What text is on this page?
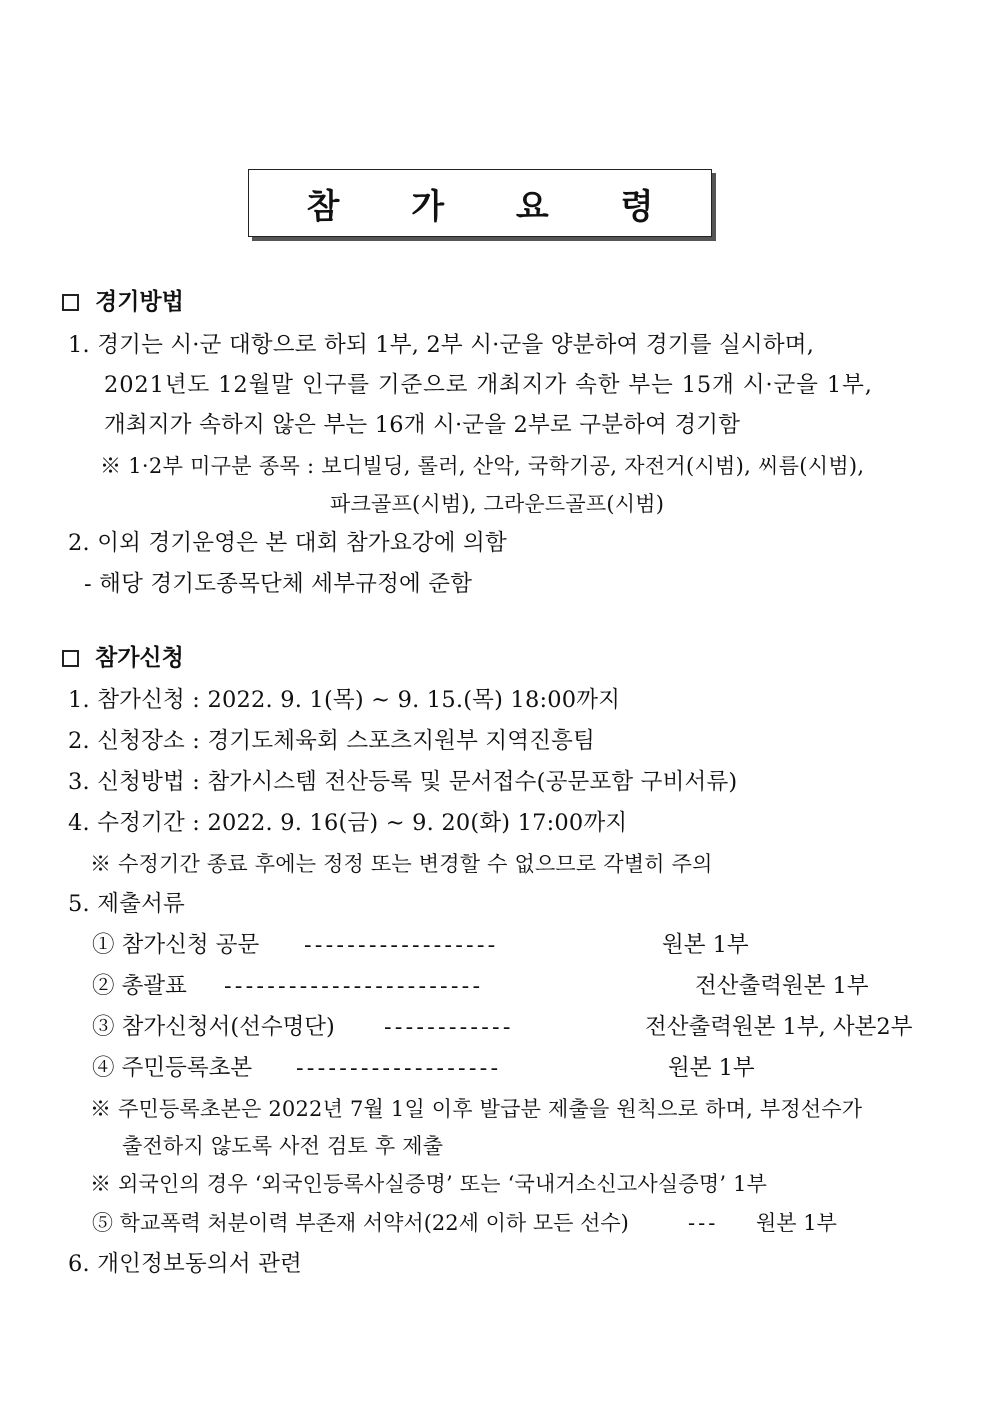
참 가 요 령
경기방법
1. 경기는 시·군 대항으로 하되 1부, 2부 시·군을 양분하여 경기를 실시하며,
2021년도 12월말 인구를 기준으로 개최지가 속한 부는 15개 시·군을 1부,
개최지가 속하지 않은 부는 16개 시·군을 2부로 구분하여 경기함
※ 1·2부 미구분 종목 : 보디빌딩, 롤러, 산악, 국학기공, 자전거(시범), 씨름(시범),
파크골프(시범), 그라운드골프(시범)
2. 이외 경기운영은 본 대회 참가요강에 의함
- 해당 경기도종목단체 세부규정에 준함
참가신청
1. 참가신청 : 2022. 9. 1(목) ~ 9. 15.(목) 18:00까지
2. 신청장소 : 경기도체육회 스포츠지원부 지역진흥팀
3. 신청방법 : 참가시스템 전산등록 및 문서접수(공문포함 구비서류)
4. 수정기간 : 2022. 9. 16(금) ~ 9. 20(화) 17:00까지
※ 수정기간 종료 후에는 정정 또는 변경할 수 없으므로 각별히 주의
5. 제출서류
① 참가신청 공문 ------------------	원본 1부
② 총괄표 ------------------------	전산출력원본 1부
③ 참가신청서(선수명단) ------------	전산출력원본 1부, 사본2부
④ 주민등록초본 -------------------	원본 1부
※ 주민등록초본은 2022년 7월 1일 이후 발급분 제출을 원칙으로 하며, 부정선수가
출전하지 않도록 사전 검토 후 제출
※ 외국인의 경우 ‘외국인등록사실증명’ 또는 ‘국내거소신고사실증명’ 1부
⑤ 학교폭력 처분이력 부존재 서약서(22세 이하 모든 선수)	--- 원본 1부
6. 개인정보동의서 관련
